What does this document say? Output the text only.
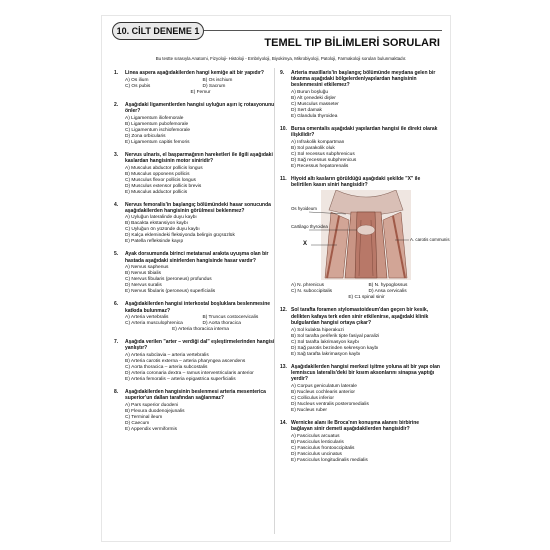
10. CİLT DENEME 1
TEMEL TIP BİLİMLERİ SORULARI
Bu testte sırasıyla Anatomi, Fizyoloji- Histoloji - Embriyoloji, Biyokimya, Mikrobiyoloji, Patoloji, Farmakoloji soruları bulunmaktadır.
1.	Linea aspera aşağıdakilerden hangi kemiğe ait bir yapıdır?
A) Os ilium	B) Os ischium
C) Os pubis	D) Sacrum
E) Femur
2.	Aşağıdaki ligamentlerden hangisi uyluğun aşırı iç rotasyonunu önler?
A) Ligamentum iliofemorale
B) Ligamentum pubofemorale
C) Ligamentum ischiofemorale
D) Zona orbicularis
E) Ligamentum capitis femoris
3.	Nervus ulnaris, el başparmağının hareketleri ile ilgili aşağıdaki kaslardan hangisinin motor siniridir?
A) Musculus abductor pollicis longus
B) Musculus opponens pollicis
C) Musculus flexor pollicis longus
D) Musculus extensor pollicis brevis
E) Musculus adductor pollicis
4.	Nervus femoralis'in başlangıç bölümündeki hasar sonucunda aşağıdakilerden hangisinin görülmesi beklenmez?
A) Uyluğun lateralinde duyu kaybı
B) Bacakta ekstansiyon kaybı
C) Uyluğun ön yüzünde duyu kaybı
D) Kalça eklemindeki fleksiyonda belirgin güçsüzlük
E) Patella refleksinde kayıp
5.	Ayak dorsumunda birinci metatarsal arakıta uyuşma olan bir hastada aşağıdaki sinirlerden hangisinde hasar vardır?
A) Nervus saphenus
B) Nervus tibialis
C) Nervus fibularis (peroneus) profundus
D) Nervus suralis
E) Nervus fibularis (peroneus) superficialis
6.	Aşağıdakilerden hangisi interkostal boşluklara beslenmesine katkıda bulunmaz?
A) Arteria vertebralis	B) Truncus costocervicalis
C) Arteria musculophrenica	D) Aorta thoracica
E) Arteria thoracica interna
7.	Aşağıda verilen "arter – verdiği dal" eşleştirmelerinden hangisi yanlıştır?
A) Arteria subclavia – arteria vertebralis
B) Arteria carotis externa – arteria pharyngea ascendens
C) Aorta thoracica – arteria subcostalis
D) Arteria coronaria dextra – ramus interventricularis anterior
E) Arteria femoralis – arteria epigastrica superficialis
8.	Aşağıdakilerden hangisinin beslenmesi arteria mesenterica superior'un dalları tarafından sağlanmaz?
A) Pars superior duodeni
B) Flexura duodenojejunalis
C) Terminal ileum
D) Caecum
E) Appendix vermiformis
9.	Arteria maxillaris'in başlangıç bölümünde meydana gelen bir tıkanma aşağıdaki bölgelerden/yapılardan hangisinin beslenmesini etkilemez?
A) Burun boşluğu
B) Alt çenedeki dişler
C) Musculus masseter
D) Sert damak
E) Glandula thyroidea
10. Bursa omentalis aşağıdaki yapılardan hangisi ile direkt olarak ilişkilidir?
A) Infrakolik kompartman
B) Sol parakolik oluk
C) Sol recessus subphrenicus
D) Sağ recessus subphrenicus
E) Recessus hepatorenalis
11. Hiyoid altı kasların görüldüğü aşağıdaki şekilde "X" ile belirtilen kasın siniri hangisidir?
Os hyoideum
Cartilago thyroidea
X
A. carotis communis
A) N. phrenicus	B) N. hypoglossus
C) N. suboccipitalis	D) Ansa cervicalis
E) C1 spinal sinir
12. Sol tarafta foramen stylomastoideum'dan geçen bir kesik, delikten kafaya terk eden sinir etkilenirse, aşağıdaki klinik bulgulardan hangisi ortaya çıkar?
A) Sol kulakta hiperakuzi
B) Sol tarafta periferik tipte fasiyal paralizi
C) Sol tarafta lakrimasyon kaybı
D) Sağ parotis bezinden sekresyon kaybı
E) Sağ tarafta lakrimasyon kaybı
13. Aşağıdakilerden hangisi merkezi işitme yoluna ait bir yapı olan lemniscus lateralis'deki bir kısım aksonlarını sinapsa yaptığı yerdir?
A) Corpus geniculatum laterale
B) Nucleus cochlearis anterior
C) Colliculus inferior
D) Nucleus ventralis posteromedialis
E) Nucleus ruber
14. Wernicke alanı ile Broca'nın konuşma alanını birbirine bağlayan sinir demeti aşağıdakilerden hangisidir?
A) Fasciculus arcuatus
B) Fasciculus lenticularis
C) Fasciculus frontooccipitalis
D) Fasciculus uncinatus
E) Fasciculus longitudinalis medialis
